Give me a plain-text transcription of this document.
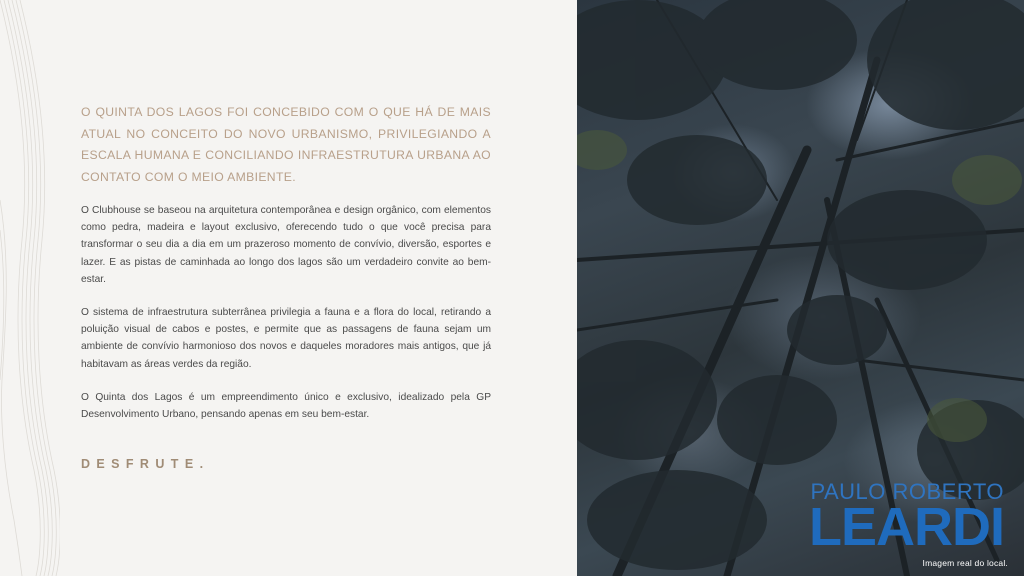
O QUINTA DOS LAGOS FOI CONCEBIDO COM O QUE HÁ DE MAIS ATUAL NO CONCEITO DO NOVO URBANISMO, PRIVILEGIANDO A ESCALA HUMANA E CONCILIANDO INFRAESTRUTURA URBANA AO CONTATO COM O MEIO AMBIENTE.

O Clubhouse se baseou na arquitetura contemporânea e design orgânico, com elementos como pedra, madeira e layout exclusivo, oferecendo tudo o que você precisa para transformar o seu dia a dia em um prazeroso momento de convívio, diversão, esportes e lazer. E as pistas de caminhada ao longo dos lagos são um verdadeiro convite ao bem-estar.

O sistema de infraestrutura subterrânea privilegia a fauna e a flora do local, retirando a poluição visual de cabos e postes, e permite que as passagens de fauna sejam um ambiente de convívio harmonioso dos novos e daqueles moradores mais antigos, que já habitavam as áreas verdes da região.

O Quinta dos Lagos é um empreendimento único e exclusivo, idealizado pela GP Desenvolvimento Urbano, pensando apenas em seu bem-estar.

DESFRUTE.
PAULO ROBERTO
LEARDI
Imagem real do local.
